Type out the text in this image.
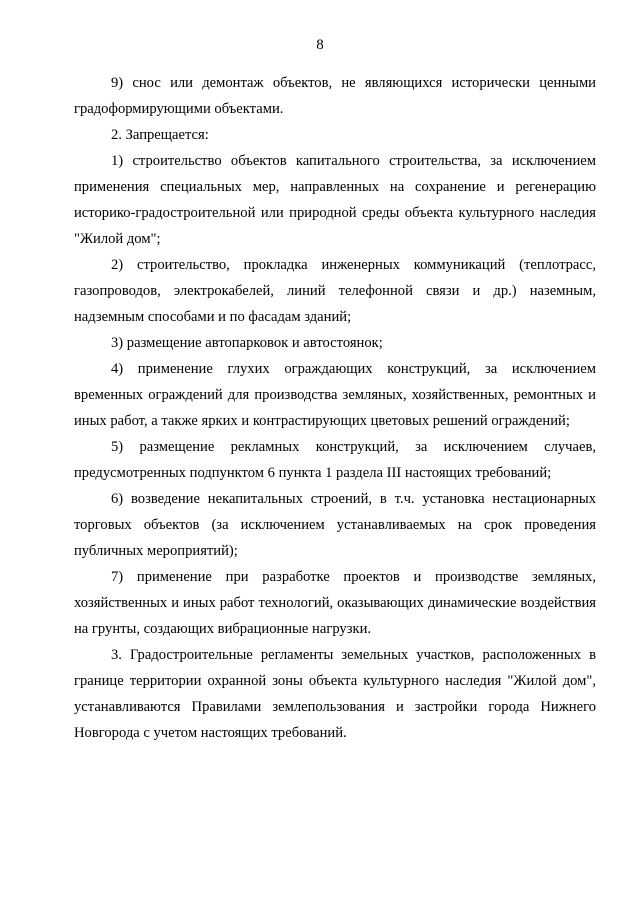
8

9) снос или демонтаж объектов, не являющихся исторически ценными градоформирующими объектами.

2. Запрещается:

1) строительство объектов капитального строительства, за исключением применения специальных мер, направленных на сохранение и регенерацию историко-градостроительной или природной среды объекта культурного наследия "Жилой дом";

2) строительство, прокладка инженерных коммуникаций (теплотрасс, газопроводов, электрокабелей, линий телефонной связи и др.) наземным, надземным способами и по фасадам зданий;

3) размещение автопарковок и автостоянок;

4) применение глухих ограждающих конструкций, за исключением временных ограждений для производства земляных, хозяйственных, ремонтных и иных работ, а также ярких и контрастирующих цветовых решений ограждений;

5) размещение рекламных конструкций, за исключением случаев, предусмотренных подпунктом 6 пункта 1 раздела III настоящих требований;

6) возведение некапитальных строений, в т.ч. установка нестационарных торговых объектов (за исключением устанавливаемых на срок проведения публичных мероприятий);

7) применение при разработке проектов и производстве земляных, хозяйственных и иных работ технологий, оказывающих динамические воздействия на грунты, создающих вибрационные нагрузки.

3. Градостроительные регламенты земельных участков, расположенных в границе территории охранной зоны объекта культурного наследия "Жилой дом", устанавливаются Правилами землепользования и застройки города Нижнего Новгорода с учетом настоящих требований.
